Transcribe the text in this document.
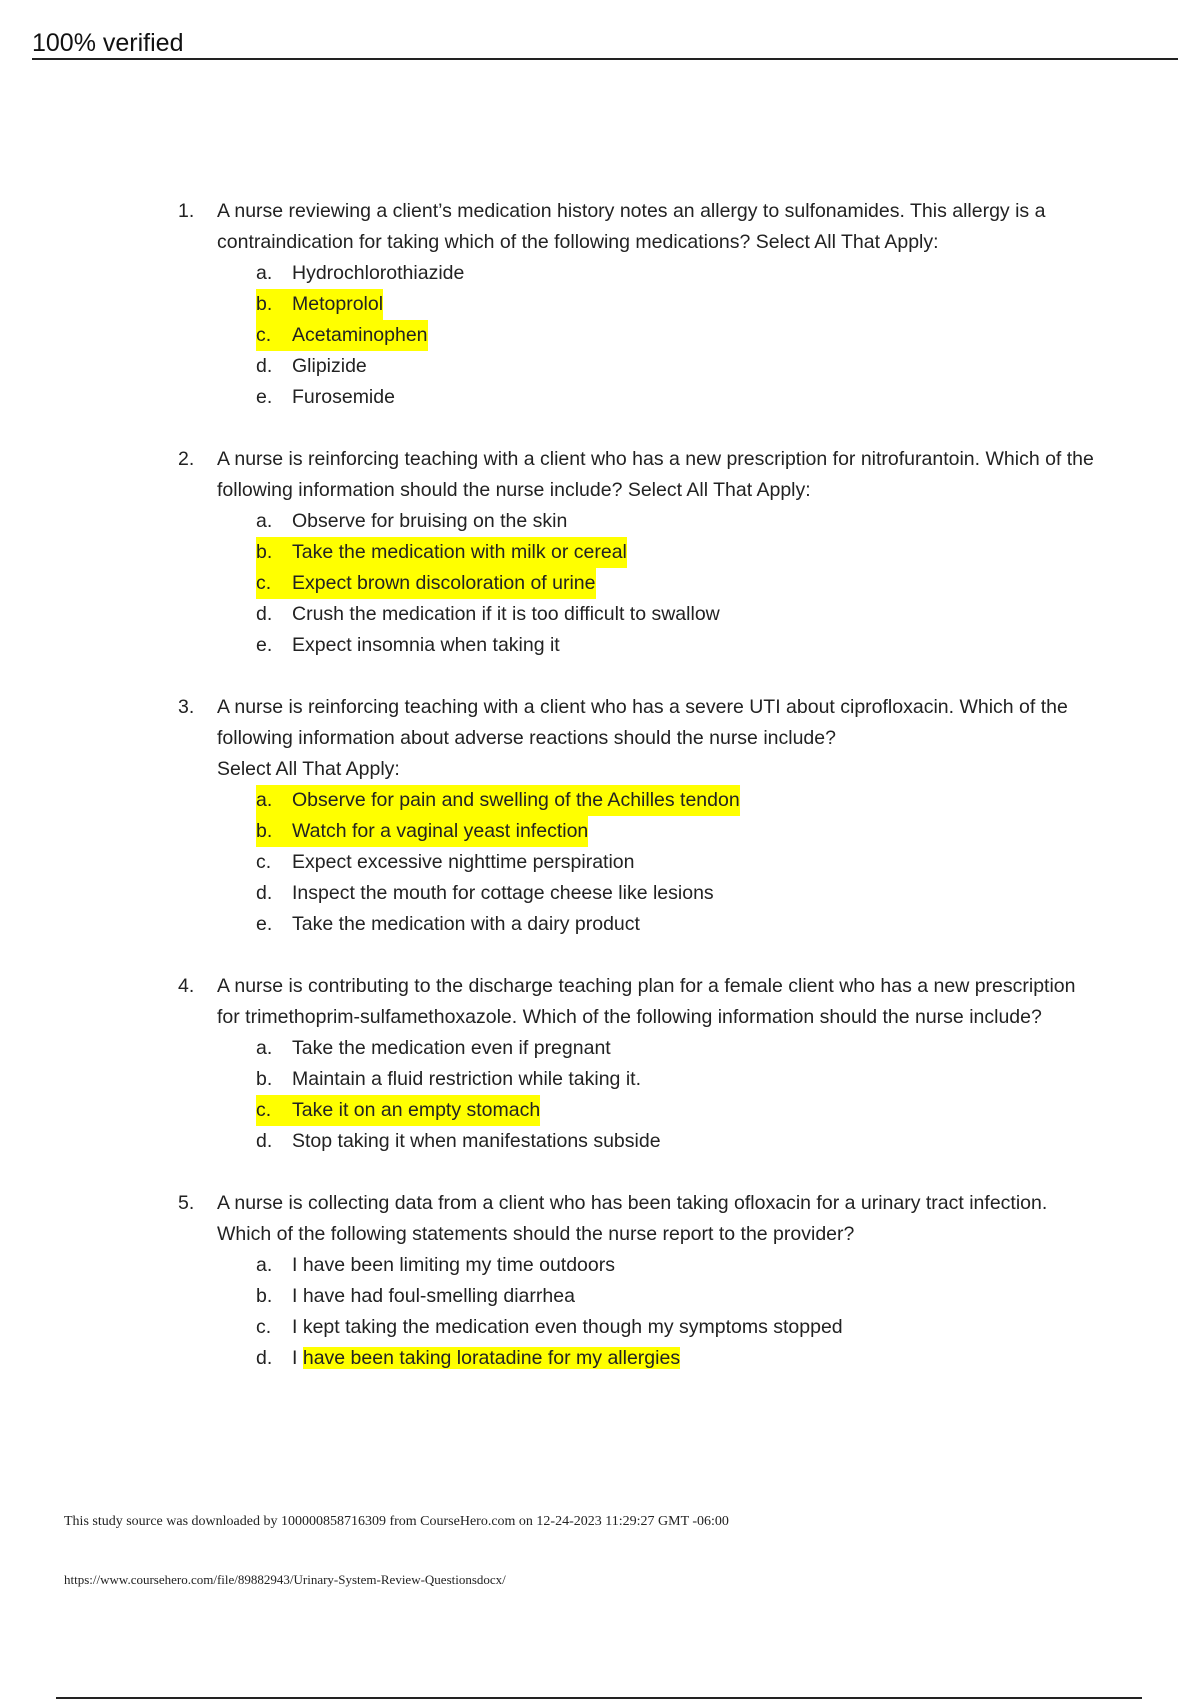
100% verified
1.	A nurse reviewing a client’s medication history notes an allergy to sulfonamides. This allergy is a contraindication for taking which of the following medications? Select All That Apply:

a.	Hydrochlorothiazide
b.	Metoprolol
c.	Acetaminophen
d.	Glipizide
e.	Furosemide
2.	A nurse is reinforcing teaching with a client who has a new prescription for nitrofurantoin. Which of the following information should the nurse include? Select All That Apply:

a.	Observe for bruising on the skin
b.	Take the medication with milk or cereal
c.	Expect brown discoloration of urine
d.	Crush the medication if it is too difficult to swallow
e.	Expect insomnia when taking it
3.	A nurse is reinforcing teaching with a client who has a severe UTI about ciprofloxacin. Which of the following information about adverse reactions should the nurse include?

Select All That Apply:

a.	Observe for pain and swelling of the Achilles tendon
b.	Watch for a vaginal yeast infection
c.	Expect excessive nighttime perspiration
d.	Inspect the mouth for cottage cheese like lesions
e.	Take the medication with a dairy product
4.	A nurse is contributing to the discharge teaching plan for a female client who has a new prescription for trimethoprim-sulfamethoxazole. Which of the following information should the nurse include?

a.	Take the medication even if pregnant
b.	Maintain a fluid restriction while taking it.
c.	Take it on an empty stomach
d.	Stop taking it when manifestations subside
5.	A nurse is collecting data from a client who has been taking ofloxacin for a urinary tract infection. Which of the following statements should the nurse report to the provider?

a.	I have been limiting my time outdoors
b.	I have had foul-smelling diarrhea
c.	I kept taking the medication even though my symptoms stopped
d.	I have been taking loratadine for my allergies
This study source was downloaded by 100000858716309 from CourseHero.com on 12-24-2023 11:29:27 GMT -06:00
https://www.coursehero.com/file/89882943/Urinary-System-Review-Questionsdocx/
